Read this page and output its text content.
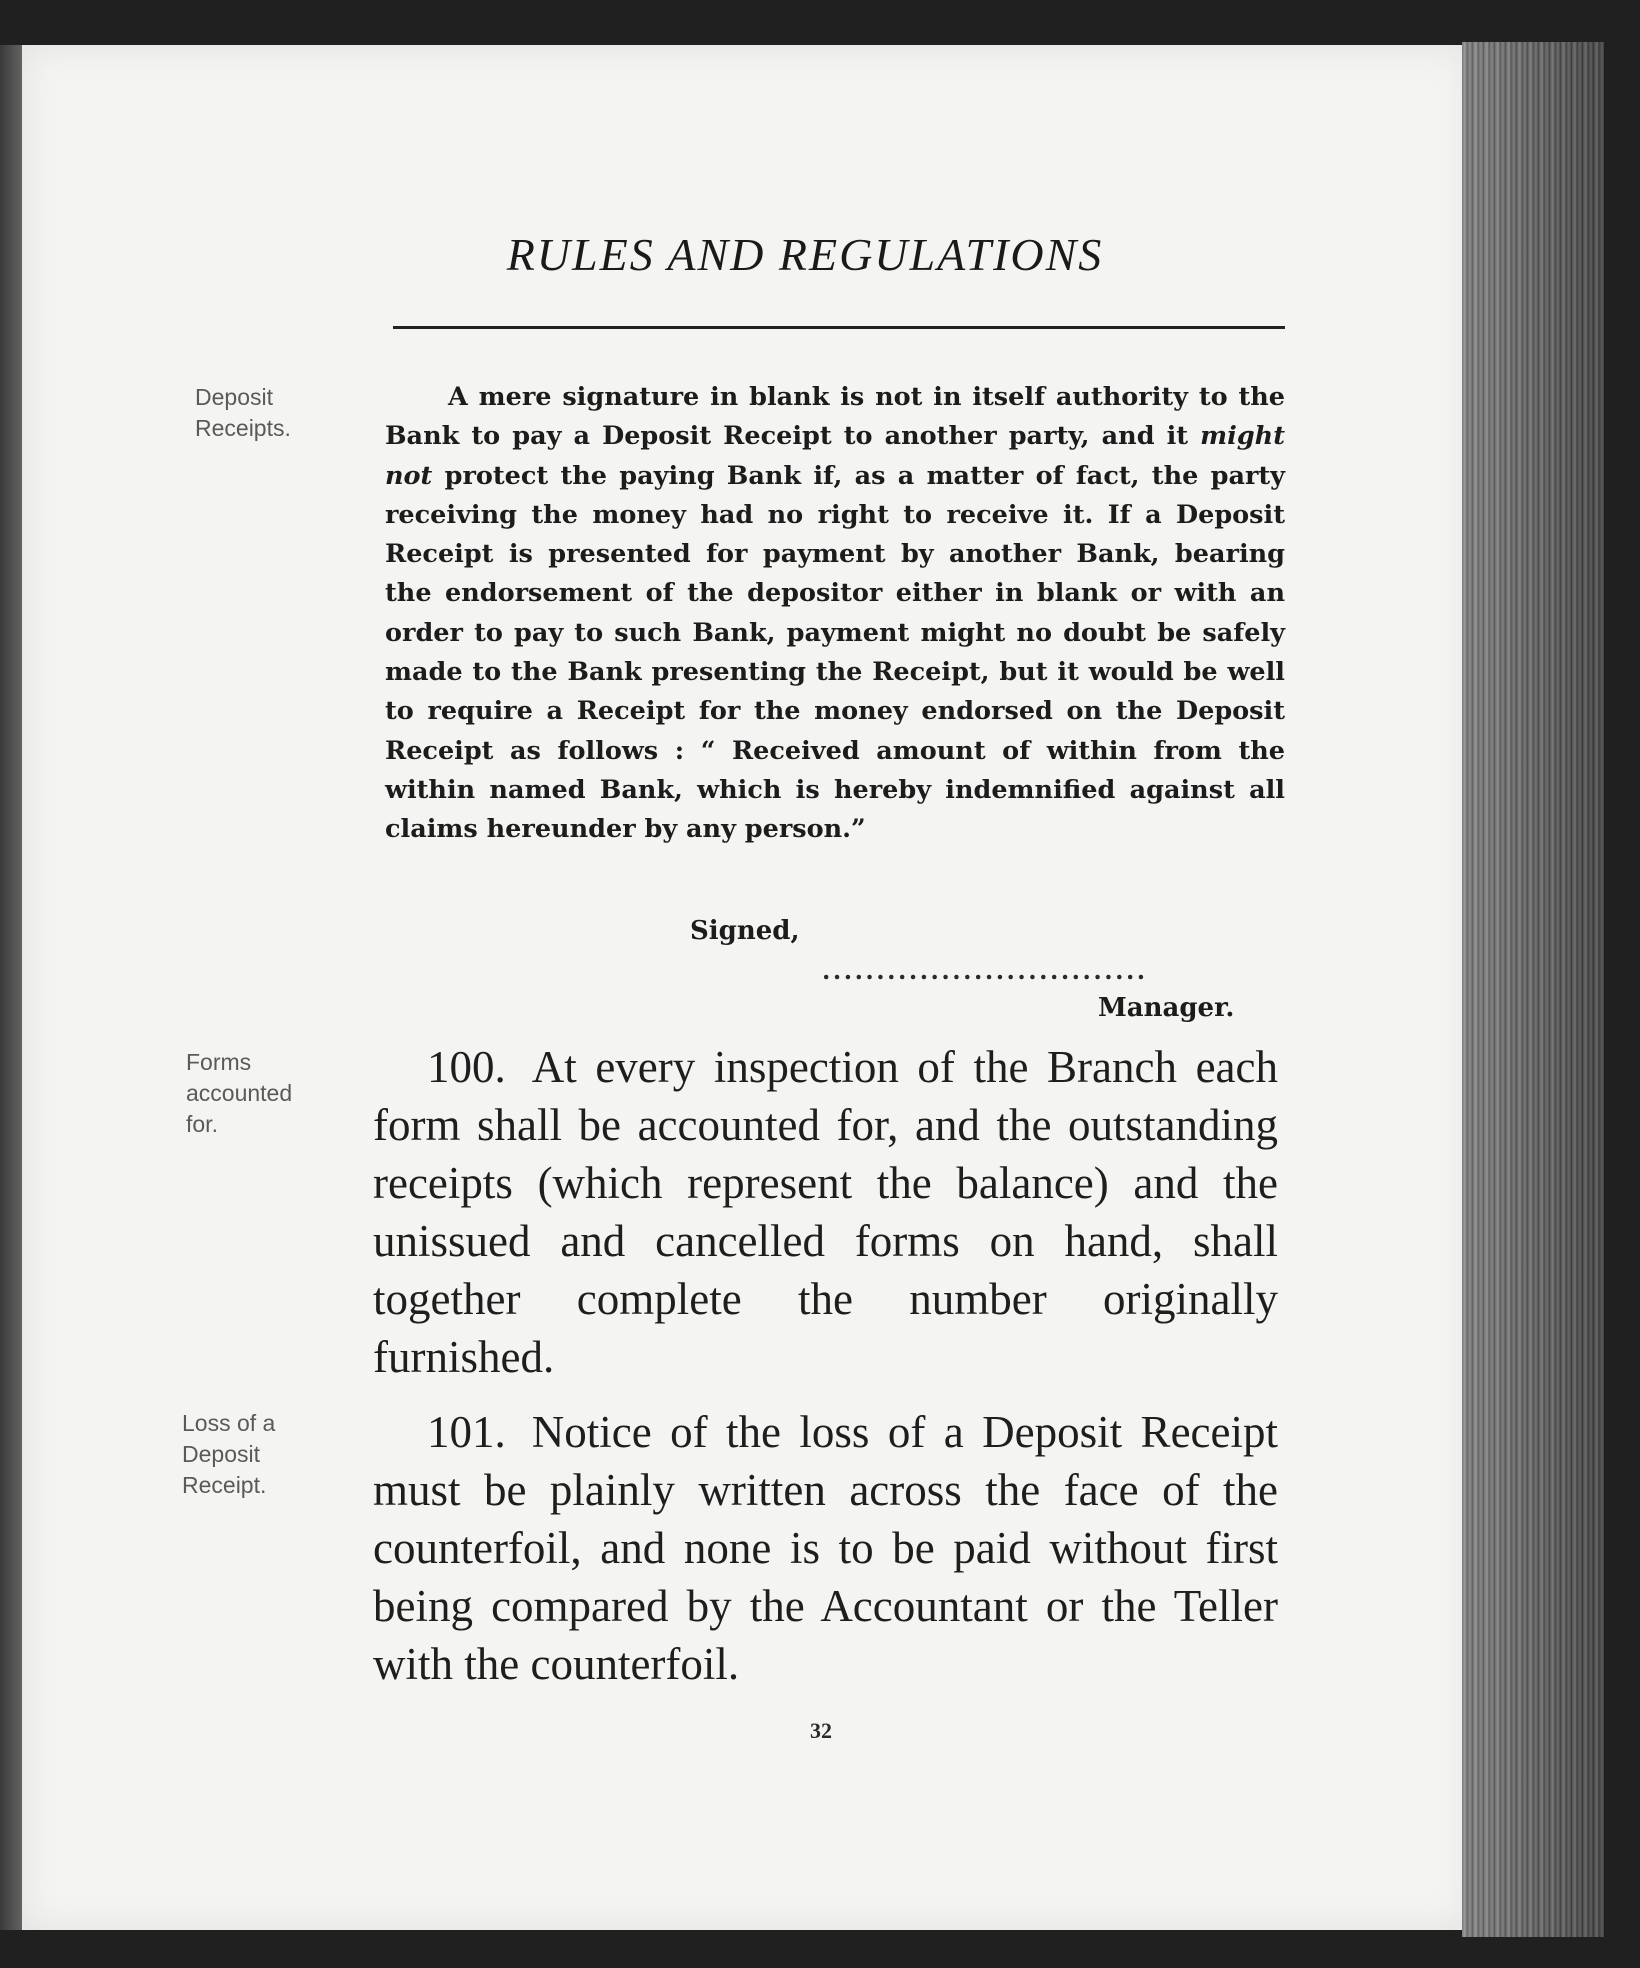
RULES AND REGULATIONS
Deposit
Receipts.

A mere signature in blank is not in itself authority to the Bank to pay a Deposit Receipt to another party, and it might not protect the paying Bank if, as a matter of fact, the party receiving the money had no right to receive it. If a Deposit Receipt is presented for payment by another Bank, bearing the endorsement of the depositor either in blank or with an order to pay to such Bank, payment might no doubt be safely made to the Bank presenting the Receipt, but it would be well to require a Receipt for the money endorsed on the Deposit Receipt as follows : “ Received amount of within from the within named Bank, which is hereby indemnified against all claims hereunder by any person.”

Signed,
..............................
Manager.
Forms
accounted
for.

100. At every inspection of the Branch each form shall be accounted for, and the outstanding receipts (which represent the balance) and the unissued and cancelled forms on hand, shall together complete the number originally furnished.

Loss of a
Deposit
Receipt.

101. Notice of the loss of a Deposit Receipt must be plainly written across the face of the counterfoil, and none is to be paid without first being compared by the Accountant or the Teller with the counterfoil.

32
